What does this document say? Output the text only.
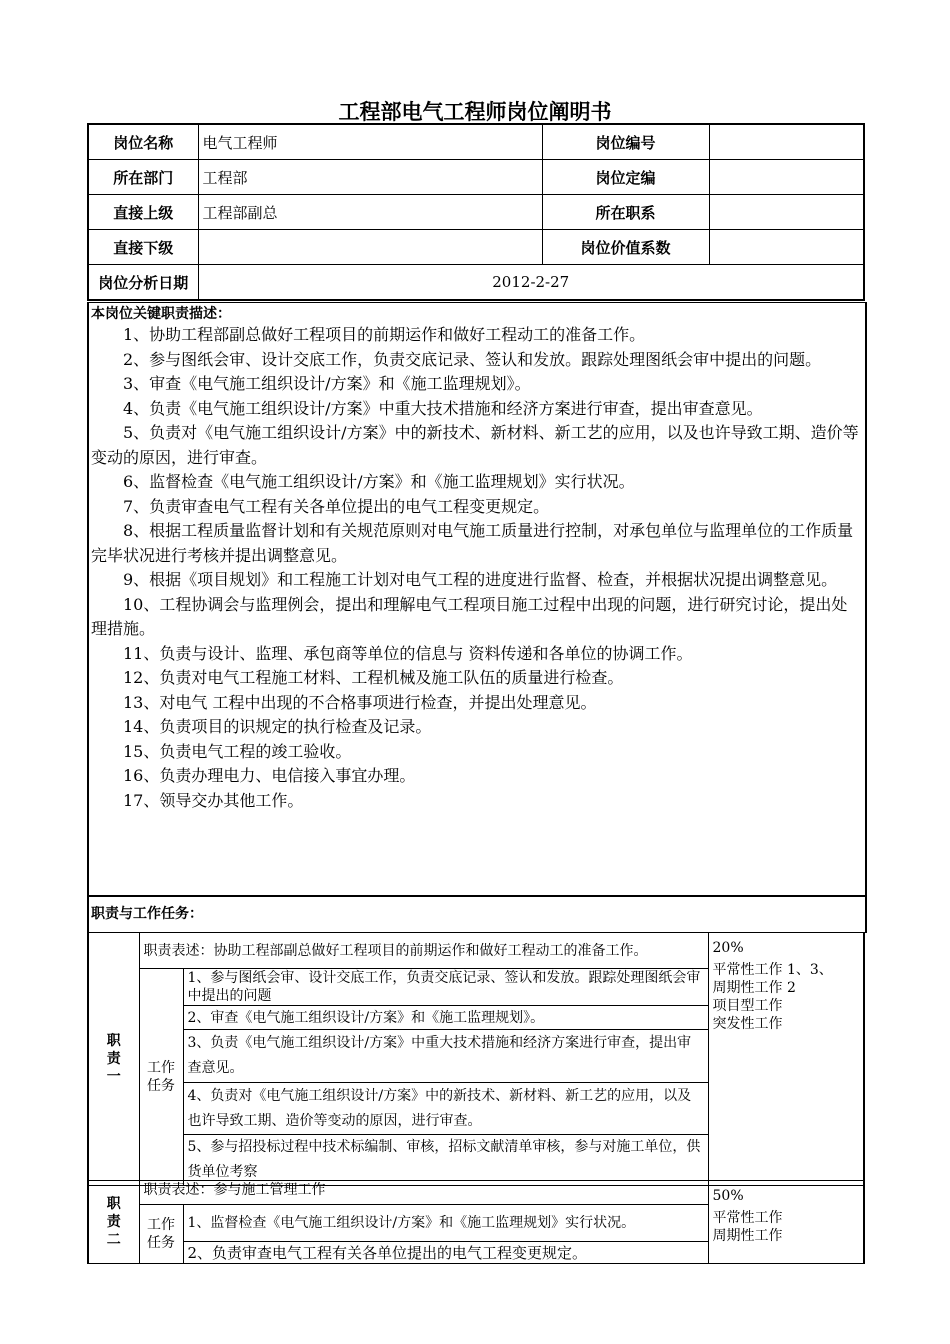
工程部电气工程师岗位阐明书
岗位名称	电气工程师	岗位编号	
所在部门	工程部	岗位定编	
直接上级	工程部副总	所在职系	
直接下级		岗位价值系数	
岗位分析日期	2012-2-27		
本岗位关键职责描述：

1、协助工程部副总做好工程项目的前期运作和做好工程动工的准备工作。

2、参与图纸会审、设计交底工作，负责交底记录、签认和发放。跟踪处理图纸会审中提出的问题。

3、审查《电气施工组织设计/方案》和《施工监理规划》。

4、负责《电气施工组织设计/方案》中重大技术措施和经济方案进行审查，提出审查意见。

5、负责对《电气施工组织设计/方案》中的新技术、新材料、新工艺的应用，以及也许导致工期、造价等变动的原因，进行审查。

6、监督检查《电气施工组织设计/方案》和《施工监理规划》实行状况。

7、负责审查电气工程有关各单位提出的电气工程变更规定。

8、根据工程质量监督计划和有关规范原则对电气施工质量进行控制，对承包单位与监理单位的工作质量完毕状况进行考核并提出调整意见。

9、根据《项目规划》和工程施工计划对电气工程的进度进行监督、检查，并根据状况提出调整意见。

10、工程协调会与监理例会，提出和理解电气工程项目施工过程中出现的问题，进行研究讨论，提出处理措施。

11、负责与设计、监理、承包商等单位的信息与 资料传递和各单位的协调工作。

12、负责对电气工程施工材料、工程机械及施工队伍的质量进行检查。

13、对电气 工程中出现的不合格事项进行检查，并提出处理意见。

14、负责项目的识规定的执行检查及记录。

15、负责电气工程的竣工验收。

16、负责办理电力、电信接入事宜办理。

17、领导交办其他工作。

职责与工作任务：
职责一	职责表述：协助工程部副总做好工程项目的前期运作和做好工程动工的准备工作。		20%
平常性工作 1、3、
周期性工作 2
项目型工作
突发性工作

	工作任务	1、参与图纸会审、设计交底工作，负责交底记录、签认和发放。跟踪处理图纸会审中提出的问题	
		2、审查《电气施工组织设计/方案》和《施工监理规划》。	
		3、负责《电气施工组织设计/方案》中重大技术措施和经济方案进行审查，提出审查意见。	
		4、负责对《电气施工组织设计/方案》中的新技术、新材料、新工艺的应用，以及也许导致工期、造价等变动的原因，进行审查。	
		5、参与招投标过程中技术标编制、审核，招标文献清单审核，参与对施工单位，供货单位考察	

职责二	职责表述：参与施工管理工作		50%
平常性工作
周期性工作

	工作任务	1、监督检查《电气施工组织设计/方案》和《施工监理规划》实行状况。	
		2、负责审查电气工程有关各单位提出的电气工程变更规定。	
